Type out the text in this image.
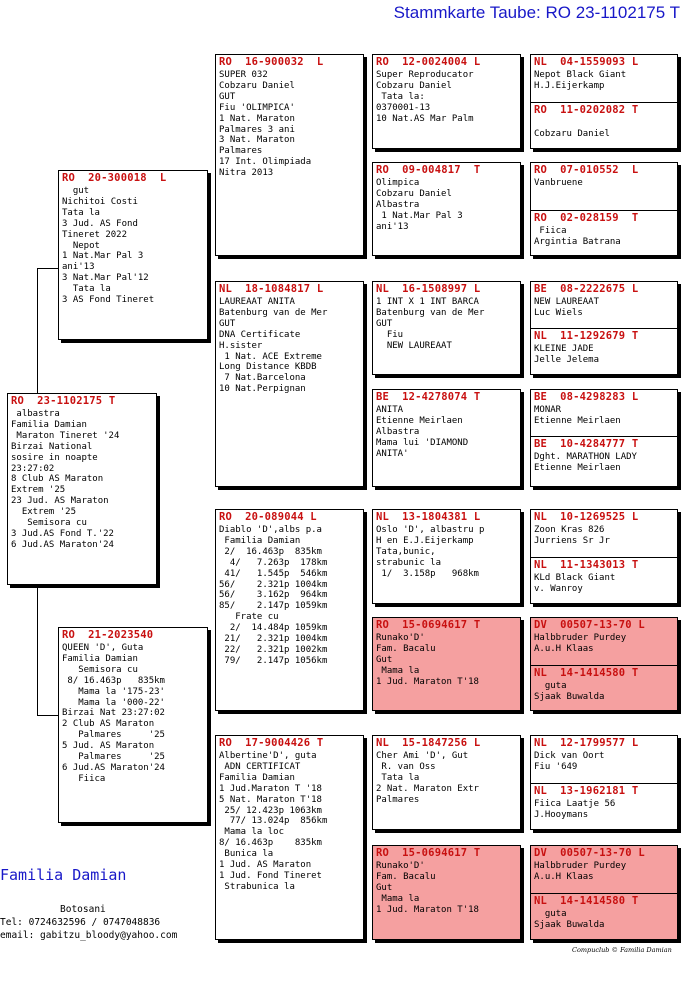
Stammkarte Taube: RO 23-1102175 T
RO  23-1102175 T
albastra
Familia Damian
Maraton Tineret '24
Birzai National
sosire in noapte
23:27:02
8 Club AS Maraton
Extrem '25
23 Jud. AS Maraton
Extrem '25
Semisora cu
3 Jud.AS Fond T.'22
6 Jud.AS Maraton'24
RO  20-300018  L
gut
Nichitoi Costi
Tata la
3 Jud. AS Fond
Tineret 2022
Nepot
1 Nat.Mar Pal 3
ani'13
3 Nat.Mar Pal'12
Tata la
3 AS Fond Tineret
RO  21-2023540
QUEEN 'D', Guta
Familia Damian
Semisora cu
8/ 16.463p   835km
Mama la '175-23'
Mama la '000-22'
Birzai Nat 23:27:02
2 Club AS Maraton
Palmares     '25
5 Jud. AS Maraton
Palmares     '25
6 Jud.AS Maraton'24
Fiica
RO  16-900032  L
SUPER 032
Cobzaru Daniel
GUT
Fiu 'OLIMPICA'
1 Nat. Maraton
Palmares 3 ani
3 Nat. Maraton
Palmares
17 Int. Olimpiada
Nitra 2013
NL  18-1084817 L
LAUREAAT ANITA
Batenburg van de Mer
GUT
DNA Certificate
H.sister
1 Nat. ACE Extreme
Long Distance KBDB
7 Nat.Barcelona
10 Nat.Perpignan
RO  20-089044 L
Diablo 'D',albs p.a
Familia Damian
2/  16.463p  835km
4/   7.263p  178km
41/   1.545p  546km
56/    2.321p 1004km
56/    3.162p  964km
85/    2.147p 1059km
Frate cu
2/  14.484p 1059km
21/   2.321p 1004km
22/   2.321p 1002km
79/   2.147p 1056km
RO  17-9004426 T
Albertine'D', guta
ADN CERTIFICAT
Familia Damian
1 Jud.Maraton T '18
5 Nat. Maraton T'18
25/ 12.423p 1063km
77/ 13.024p  856km
Mama la loc
8/ 16.463p    835km
Bunica la
1 Jud. AS Maraton
1 Jud. Fond Tineret
Strabunica la
RO  12-0024004 L
Super Reproducator
Cobzaru Daniel
Tata la:
0370001-13
10 Nat.AS Mar Palm
RO  09-004817  T
Olimpica
Cobzaru Daniel
Albastra
1 Nat.Mar Pal 3
ani'13
NL  16-1508997 L
1 INT X 1 INT BARCA
Batenburg van de Mer
GUT
Fiu
NEW LAUREAAT
BE  12-4278074 T
ANITA
Etienne Meirlaen
Albastra
Mama lui 'DIAMOND
ANITA'
NL  13-1804381 L
Oslo 'D', albastru p
H en E.J.Eijerkamp
Tata,bunic,
strabunic la
1/  3.158p   968km
RO  15-0694617 T
Runako'D'
Fam. Bacalu
Gut
Mama la
1 Jud. Maraton T'18
NL  15-1847256 L
Cher Ami 'D', Gut
R. van Oss
Tata la
2 Nat. Maraton Extr
Palmares
RO  15-0694617 T
Runako'D'
Fam. Bacalu
Gut
Mama la
1 Jud. Maraton T'18
NL  04-1559093 L
Nepot Black Giant
H.J.Eijerkamp
RO  11-0202082 T

Cobzaru Daniel
RO  07-010552  L
Vanbruene
RO  02-028159  T
Fiica
Argintia Batrana
BE  08-2222675 L
NEW LAUREAAT
Luc Wiels
NL  11-1292679 T
KLEINE JADE
Jelle Jelema
BE  08-4298283 L
MONAR
Etienne Meirlaen
BE  10-4284777 T
Dght. MARATHON LADY
Etienne Meirlaen
NL  10-1269525 L
Zoon Kras 826
Jurriens Sr Jr
NL  11-1343013 T
KLd Black Giant
v. Wanroy
DV  00507-13-70 L
Halbbruder Purdey
A.u.H Klaas
NL  14-1414580 T
guta
Sjaak Buwalda
NL  12-1799577 L
Dick van Oort
Fiu '649
NL  13-1962181 T
Fiica Laatje 56
J.Hooymans
DV  00507-13-70 L
Halbbruder Purdey
A.u.H Klaas
NL  14-1414580 T
guta
Sjaak Buwalda
Familia Damian
Botosani
Tel: 0724632596 / 0747048836
email: gabitzu_bloody@yahoo.com
Compuclub © Familia Damian
